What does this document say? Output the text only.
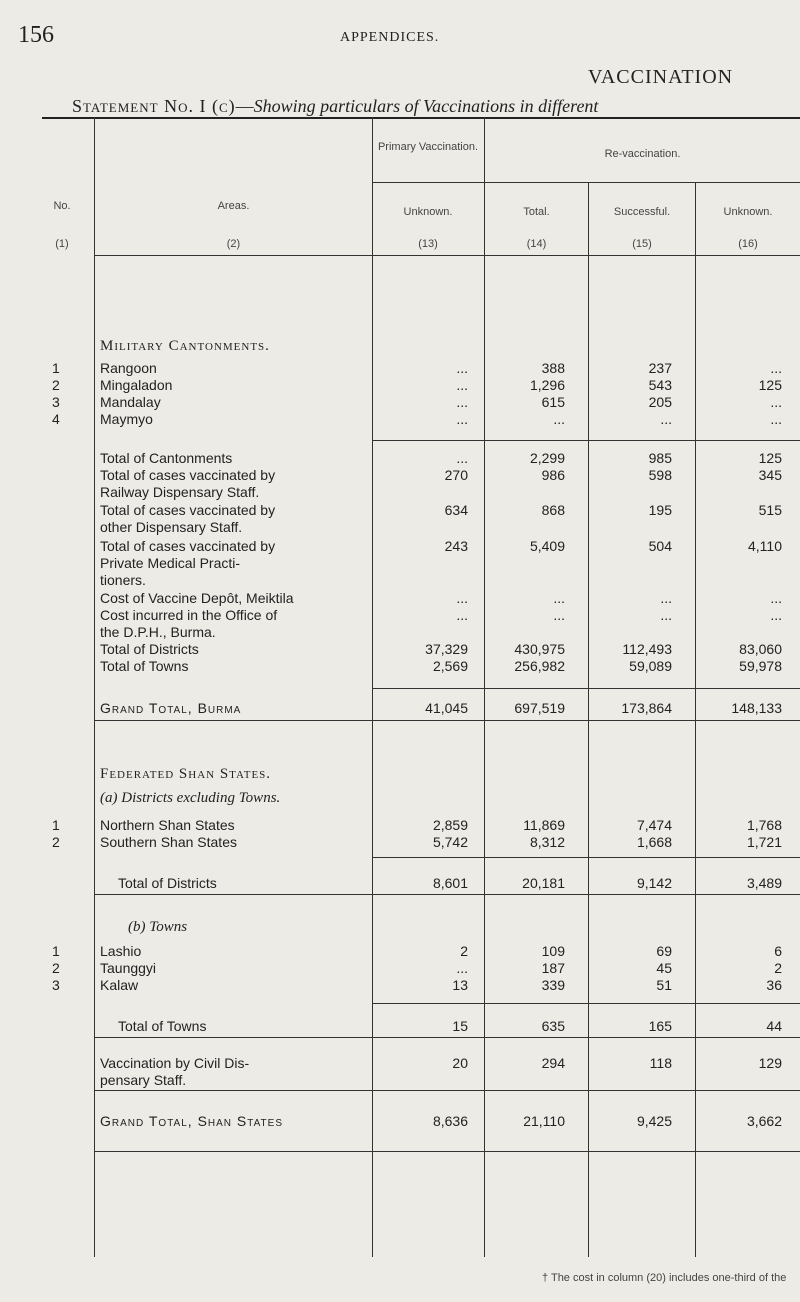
156	APPENDICES.
VACCINATION
Statement No. I (c)—Showing particulars of Vaccinations in different
No.	Areas.
Primary Vaccination.
Re-vaccination.
Unknown.	Total.	Successful.	Unknown.
(1)	(2)	(13)	(14)	(15)	(16)
Military Cantonments.
Federated Shan States.
(a) Districts excluding Towns.
(b) Towns
1	Rangoon	...	388	237	...
2	Mingaladon	...	1,296	543	125
3	Mandalay	...	615	205	...
4	Maymyo	...	...	...	...
Total of Cantonments	...	2,299	985	125
Total of cases vaccinated by
Railway Dispensary Staff.
270	986	598	345
Total of cases vaccinated by
other Dispensary Staff.
634	868	195	515
Total of cases vaccinated by
Private Medical Practi-
tioners.
243	5,409	504	4,110
Cost of Vaccine Depôt, Meiktila	...	...	...	...
Cost incurred in the Office of
the D.P.H., Burma.
...	...	...	...
Total of Districts	37,329	430,975	112,493	83,060
Total of Towns	2,569	256,982	59,089	59,978
Grand Total, Burma	41,045	697,519	173,864	148,133
1	Northern Shan States	2,859	11,869	7,474	1,768
2	Southern Shan States	5,742	8,312	1,668	1,721
Total of Districts	8,601	20,181	9,142	3,489
1	Lashio	2	109	69	6
2	Taunggyi	...	187	45	2
3	Kalaw	13	339	51	36
Total of Towns	15	635	165	44
Vaccination by Civil Dis-
pensary Staff.
20	294	118	129
Grand Total, Shan States	8,636	21,110	9,425	3,662
† The cost in column (20) includes one-third of the
